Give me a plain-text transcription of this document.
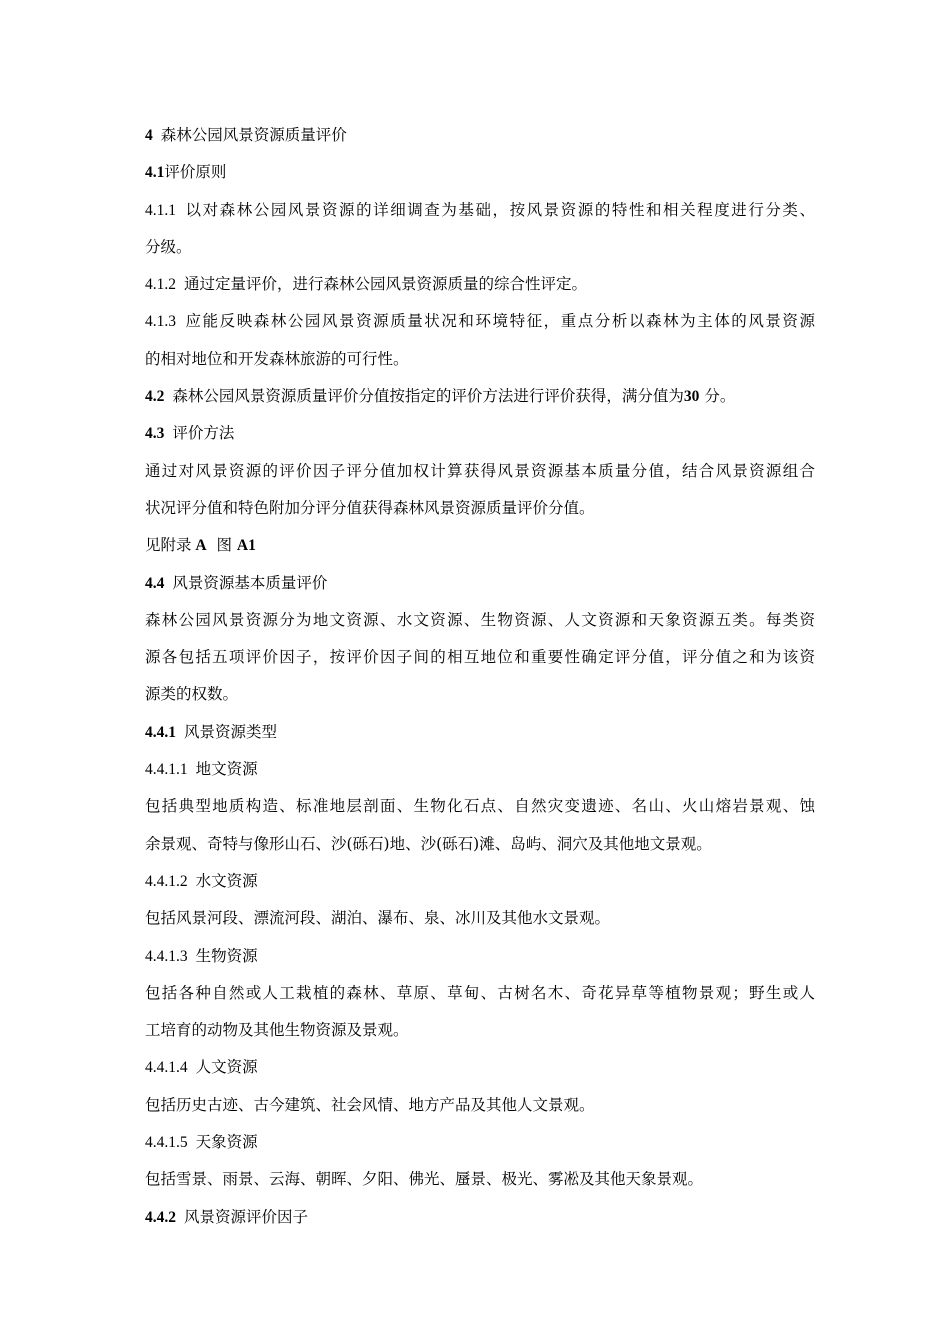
4 森林公园风景资源质量评价
4.1评价原则
4.1.1 以对森林公园风景资源的详细调查为基础，按风景资源的特性和相关程度进行分类、
分级。
4.1.2 通过定量评价，进行森林公园风景资源质量的综合性评定。
4.1.3 应能反映森林公园风景资源质量状况和环境特征，重点分析以森林为主体的风景资源
的相对地位和开发森林旅游的可行性。
4.2 森林公园风景资源质量评价分值按指定的评价方法进行评价获得，满分值为30 分。
4.3 评价方法
通过对风景资源的评价因子评分值加权计算获得风景资源基本质量分值，结合风景资源组合
状况评分值和特色附加分评分值获得森林风景资源质量评价分值。
见附录 A  图 A1
4.4 风景资源基本质量评价
森林公园风景资源分为地文资源、水文资源、生物资源、人文资源和天象资源五类。每类资
源各包括五项评价因子，按评价因子间的相互地位和重要性确定评分值，评分值之和为该资
源类的权数。
4.4.1 风景资源类型
4.4.1.1 地文资源
包括典型地质构造、标准地层剖面、生物化石点、自然灾变遗迹、名山、火山熔岩景观、蚀
余景观、奇特与像形山石、沙(砾石)地、沙(砾石)滩、岛屿、洞穴及其他地文景观。
4.4.1.2 水文资源
包括风景河段、漂流河段、湖泊、瀑布、泉、冰川及其他水文景观。
4.4.1.3 生物资源
包括各种自然或人工栽植的森林、草原、草甸、古树名木、奇花异草等植物景观；野生或人
工培育的动物及其他生物资源及景观。
4.4.1.4 人文资源
包括历史古迹、古今建筑、社会风情、地方产品及其他人文景观。
4.4.1.5 天象资源
包括雪景、雨景、云海、朝晖、夕阳、佛光、蜃景、极光、雾凇及其他天象景观。
4.4.2 风景资源评价因子
